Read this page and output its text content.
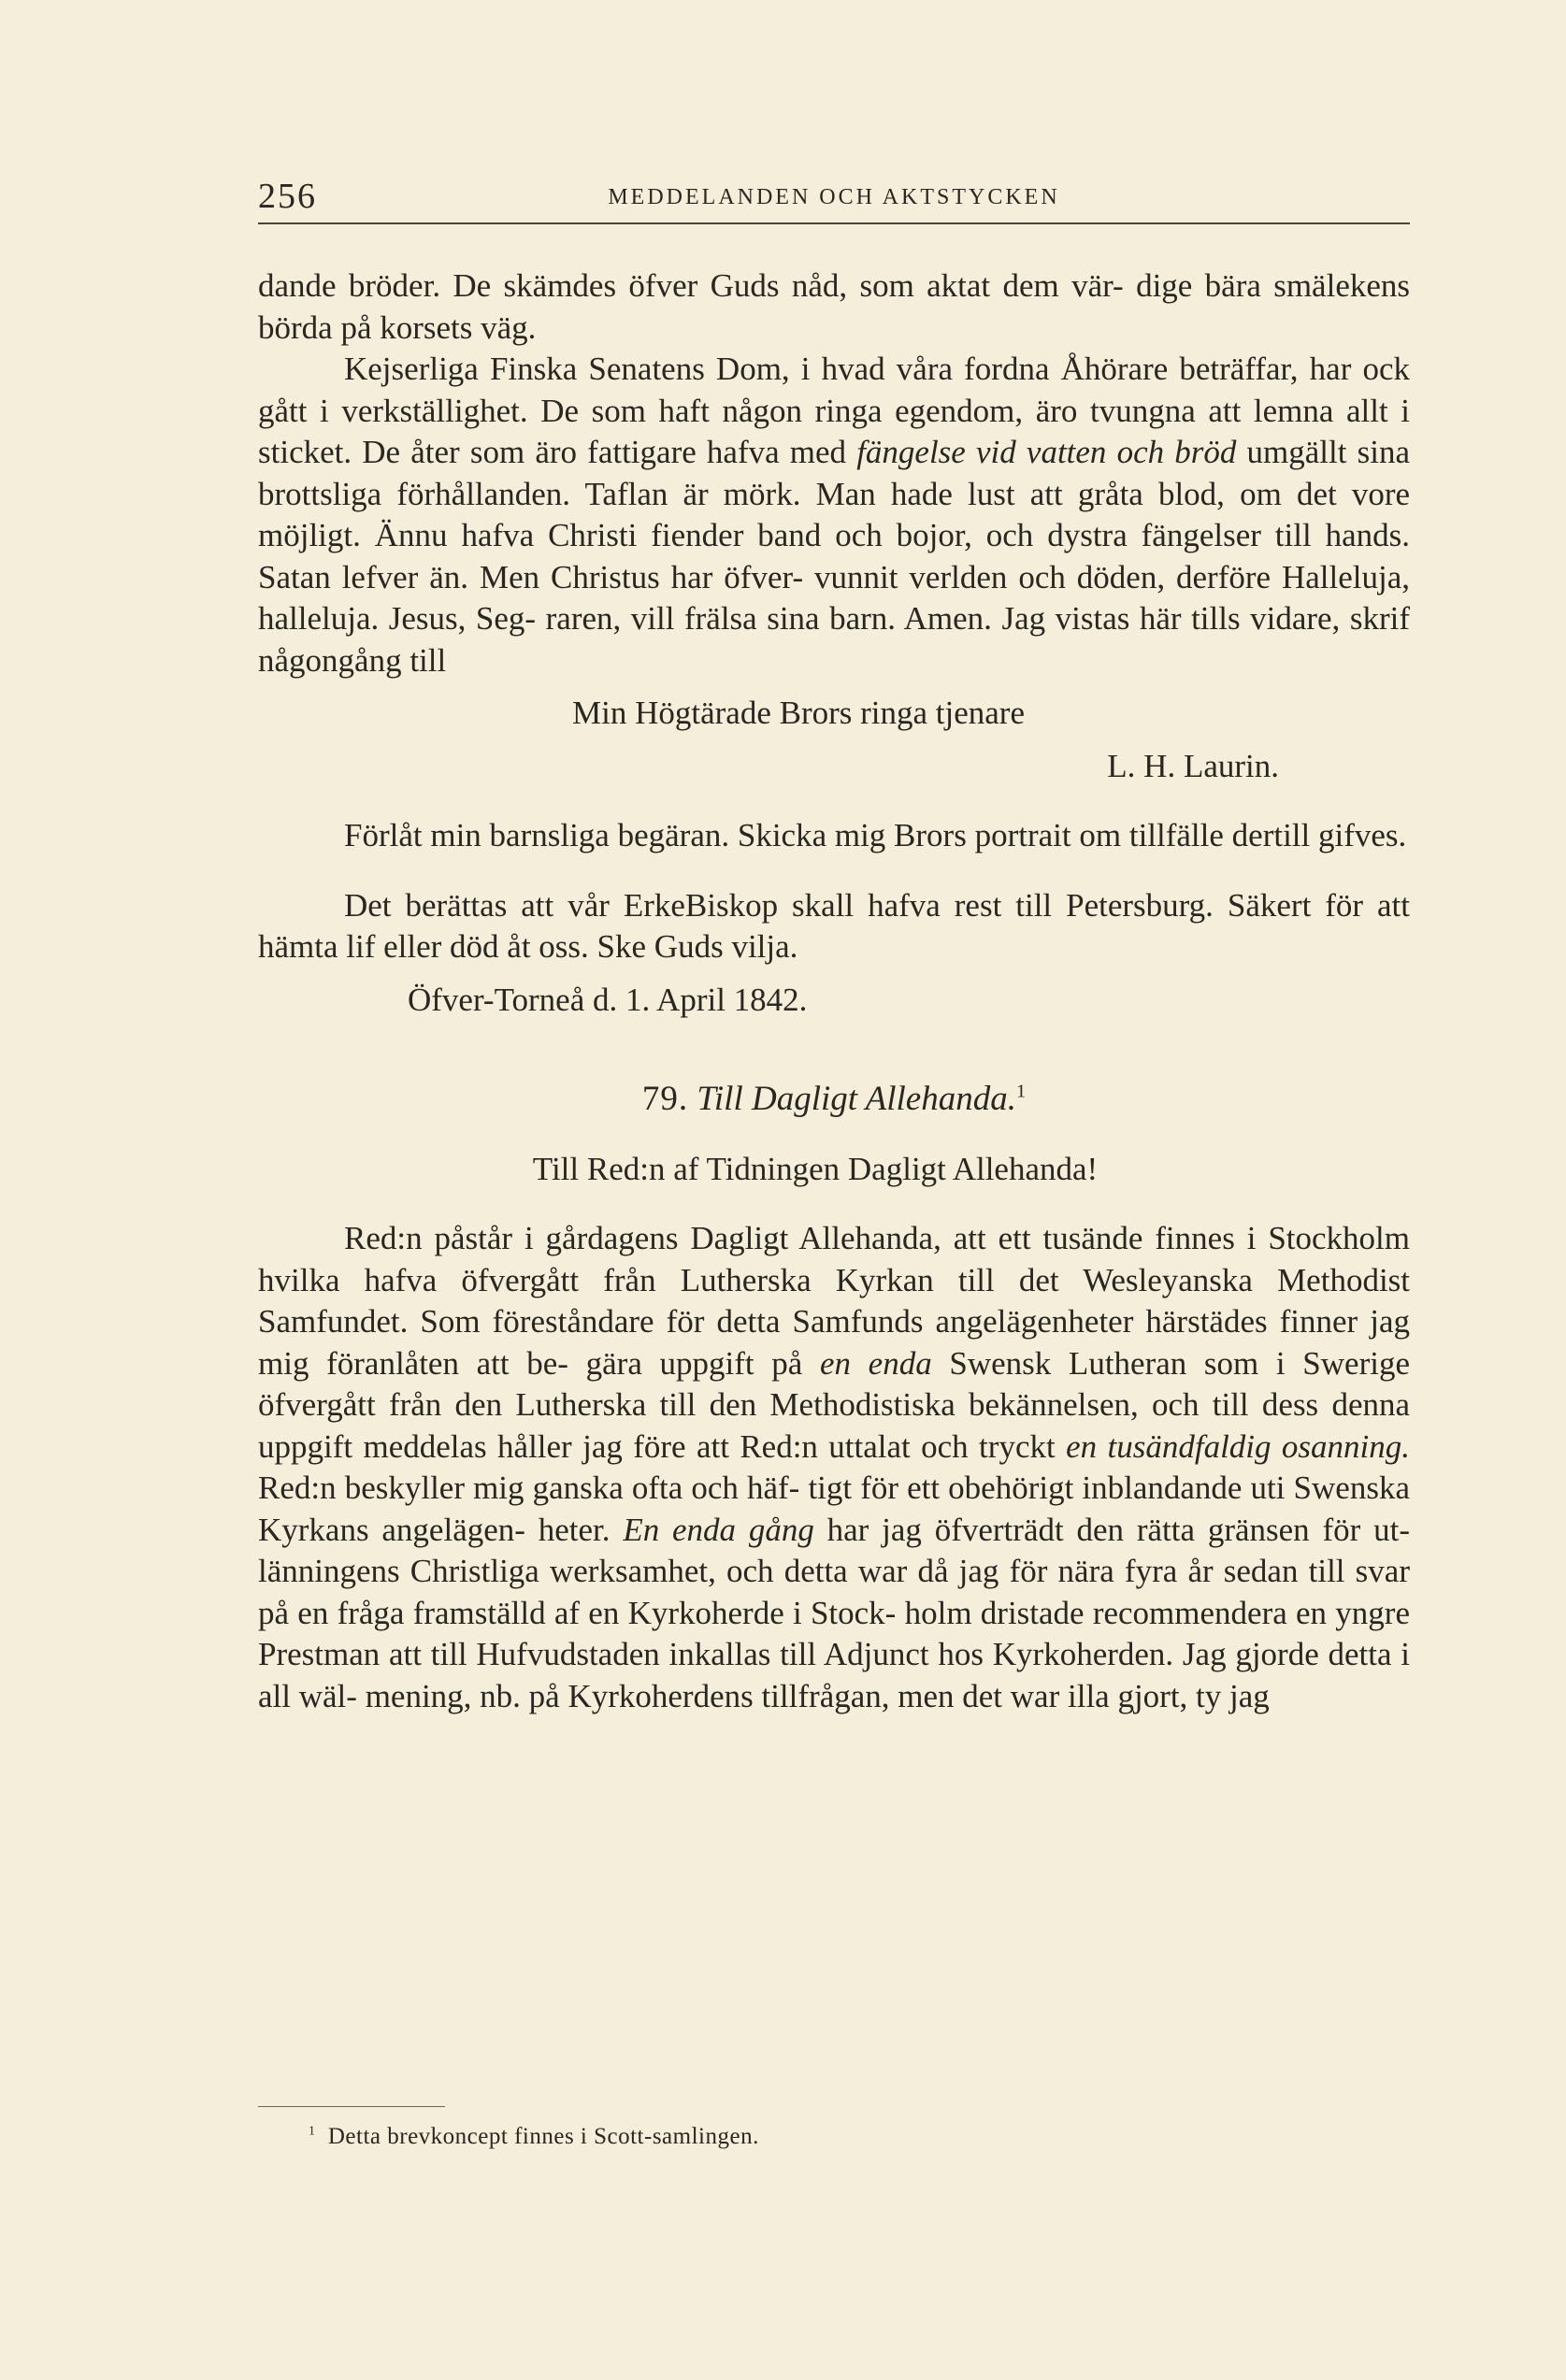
256	MEDDELANDEN OCH AKTSTYCKEN

dande bröder. De skämdes öfver Guds nåd, som aktat dem vär- dige bära smälekens börda på korsets väg.

Kejserliga Finska Senatens Dom, i hvad våra fordna Åhörare beträffar, har ock gått i verkställighet. De som haft någon ringa egendom, äro tvungna att lemna allt i sticket. De åter som äro fattigare hafva med fängelse vid vatten och bröd umgällt sina brottsliga förhållanden. Taflan är mörk. Man hade lust att gråta blod, om det vore möjligt. Ännu hafva Christi fiender band och bojor, och dystra fängelser till hands. Satan lefver än. Men Christus har öfver- vunnit verlden och döden, derföre Halleluja, halleluja. Jesus, Seg- raren, vill frälsa sina barn. Amen. Jag vistas här tills vidare, skrif någongång till

Min Högtärade Brors ringa tjenare

L. H. Laurin.

Förlåt min barnsliga begäran. Skicka mig Brors portrait om tillfälle dertill gifves.

Det berättas att vår ErkeBiskop skall hafva rest till Petersburg. Säkert för att hämta lif eller död åt oss. Ske Guds vilja.

Öfver-Torneå d. 1. April 1842.

79. Till Dagligt Allehanda.$^1$

Till Red:n af Tidningen Dagligt Allehanda!

Red:n påstår i gårdagens Dagligt Allehanda, att ett tusände finnes i Stockholm hvilka hafva öfvergått från Lutherska Kyrkan till det Wesleyanska Methodist Samfundet. Som föreståndare för detta Samfunds angelägenheter härstädes finner jag mig föranlåten att be- gära uppgift på en enda Swensk Lutheran som i Swerige öfvergått från den Lutherska till den Methodistiska bekännelsen, och till dess denna uppgift meddelas håller jag före att Red:n uttalat och tryckt en tusändfaldig osanning. Red:n beskyller mig ganska ofta och häf- tigt för ett obehörigt inblandande uti Swenska Kyrkans angelägen- heter. En enda gång har jag öfverträdt den rätta gränsen för ut- länningens Christliga werksamhet, och detta war då jag för nära fyra år sedan till svar på en fråga framställd af en Kyrkoherde i Stock- holm dristade recommendera en yngre Prestman att till Hufvudstaden inkallas till Adjunct hos Kyrkoherden. Jag gjorde detta i all wäl- mening, nb. på Kyrkoherdens tillfrågan, men det war illa gjort, ty jag

$^1$ Detta brevkoncept finnes i Scott-samlingen.
